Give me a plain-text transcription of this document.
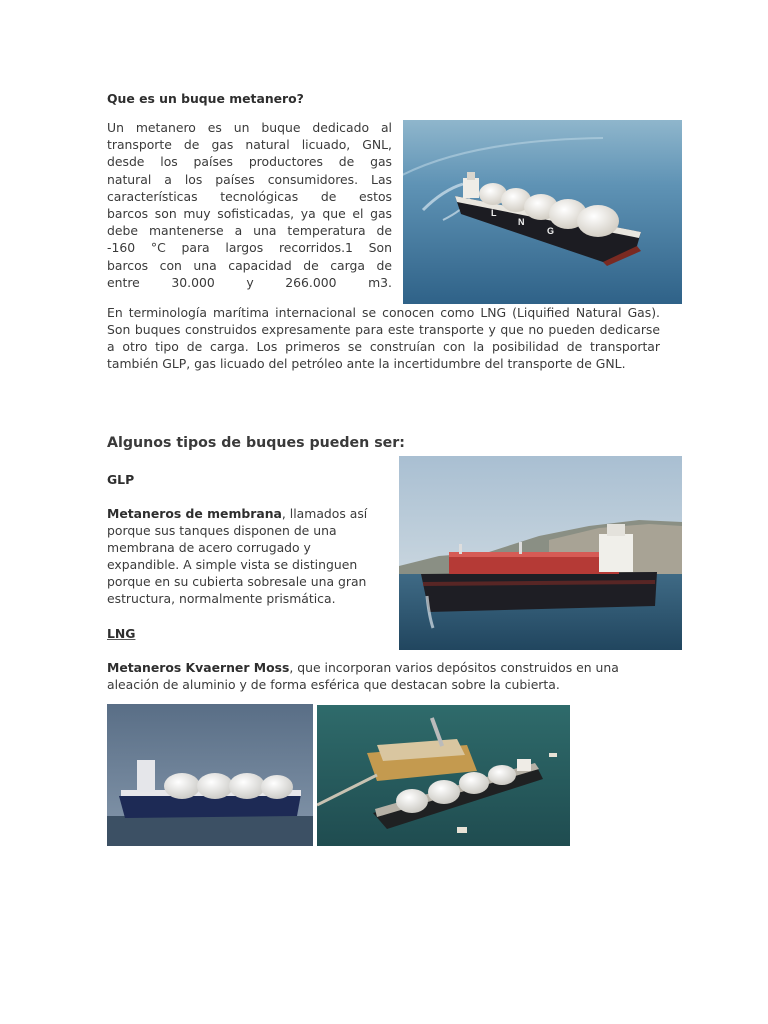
Que es un buque metanero?
Un metanero es un buque dedicado al
transporte de gas natural licuado, GNL,
desde los países productores de gas
natural a los países consumidores. Las
características tecnológicas de estos
barcos son muy sofisticadas, ya que el gas
debe mantenerse a una temperatura de
-160 °C para largos recorridos.1 Son
barcos con una capacidad de carga de
entre 30.000 y 266.000 m3.

En terminología marítima internacional se conocen como LNG (Liquified Natural Gas). Son buques construidos expresamente para este transporte y que no pueden dedicarse a otro tipo de carga. Los primeros se construían con la posibilidad de transportar también GLP, gas licuado del petróleo ante la incertidumbre del transporte de GNL.

Algunos tipos de buques pueden ser:
GLP

Metaneros de membrana, llamados así porque sus tanques disponen de una membrana de acero corrugado y expandible. A simple vista se distinguen porque en su cubierta sobresale una gran estructura, normalmente prismática.

LNG

Metaneros Kvaerner Moss, que incorporan varios depósitos construidos en una aleación de aluminio y de forma esférica que destacan sobre la cubierta.

L
N
G
